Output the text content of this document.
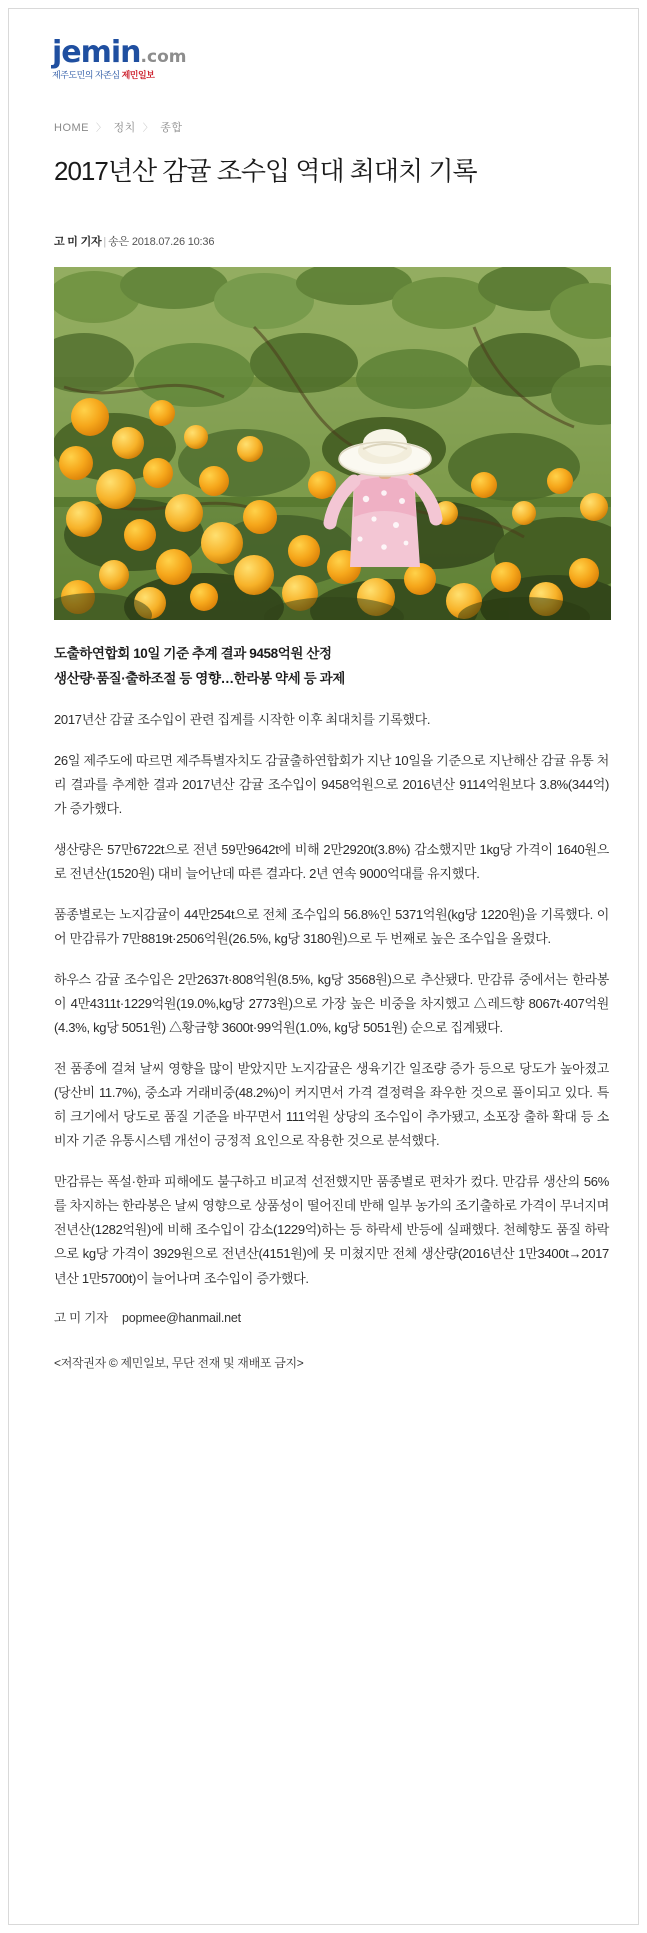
jemin.com
제주도민의 자존심 제민일보
HOME 〉 정치 〉 종합
2017년산 감귤 조수입 역대 최대치 기록
고 미 기자 | 송은 2018.07.26 10:36
도출하연합회 10일 기준 추계 결과 9458억원 산정
생산량·품질·출하조절 등 영향…한라봉 약세 등 과제

2017년산 감귤 조수입이 관련 집계를 시작한 이후 최대치를 기록했다.

26일 제주도에 따르면 제주특별자치도 감귤출하연합회가 지난 10일을 기준으로 지난해산 감귤 유통 처리 결과를 추계한 결과 2017년산 감귤 조수입이 9458억원으로 2016년산 9114억원보다 3.8%(344억)가 증가했다.

생산량은 57만6722t으로 전년 59만9642t에 비해 2만2920t(3.8%) 감소했지만 1kg당 가격이 1640원으로 전년산(1520원) 대비 늘어난데 따른 결과다. 2년 연속 9000억대를 유지했다.

품종별로는 노지감귤이 44만254t으로 전체 조수입의 56.8%인 5371억원(kg당 1220원)을 기록했다. 이어 만감류가 7만8819t·2506억원(26.5%, kg당 3180원)으로 두 번째로 높은 조수입을 올렸다.

하우스 감귤 조수입은 2만2637t·808억원(8.5%, kg당 3568원)으로 추산됐다. 만감류 중에서는 한라봉이 4만4311t·1229억원(19.0%,kg당 2773원)으로 가장 높은 비중을 차지했고 △레드향 8067t·407억원(4.3%, kg당 5051원) △황금향 3600t·99억원(1.0%, kg당 5051원) 순으로 집계됐다.

전 품종에 걸쳐 날씨 영향을 많이 받았지만 노지감귤은 생육기간 일조량 증가 등으로 당도가 높아졌고(당산비 11.7%), 중소과 거래비중(48.2%)이 커지면서 가격 결정력을 좌우한 것으로 풀이되고 있다. 특히 크기에서 당도로 품질 기준을 바꾸면서 111억원 상당의 조수입이 추가됐고, 소포장 출하 확대 등 소비자 기준 유통시스템 개선이 긍정적 요인으로 작용한 것으로 분석했다.

만감류는 폭설·한파 피해에도 불구하고 비교적 선전했지만 품종별로 편차가 컸다. 만감류 생산의 56%를 차지하는 한라봉은 날씨 영향으로 상품성이 떨어진데 반해 일부 농가의 조기출하로 가격이 무너지며 전년산(1282억원)에 비해 조수입이 감소(1229억)하는 등 하락세 반등에 실패했다. 천혜향도 품질 하락으로 kg당 가격이 3929원으로 전년산(4151원)에 못 미쳤지만 전체 생산량(2016년산 1만3400t→2017년산 1만5700t)이 늘어나며 조수입이 증가했다.

고 미 기자 popmee@hanmail.net
<저작권자 © 제민일보, 무단 전재 및 재배포 금지>
